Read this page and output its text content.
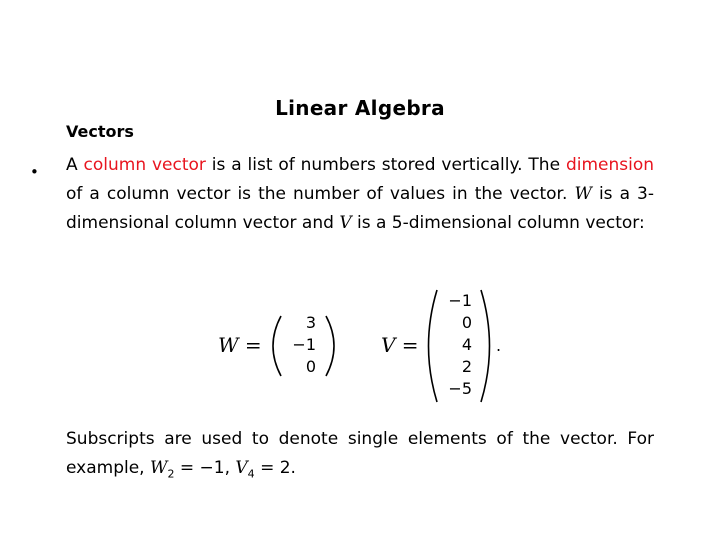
Linear Algebra
Vectors
• A column vector is a list of numbers stored vertically. The dimension of a column vector is the number of values in the vector. W is a 3-dimensional column vector and V is a 5-dimensional column vector:
W =
3
−1
0
V =
−1
0
4
2
−5
.
Subscripts are used to denote single elements of the vector. For example, $W_2 = -1$, $V_4 = 2$.
